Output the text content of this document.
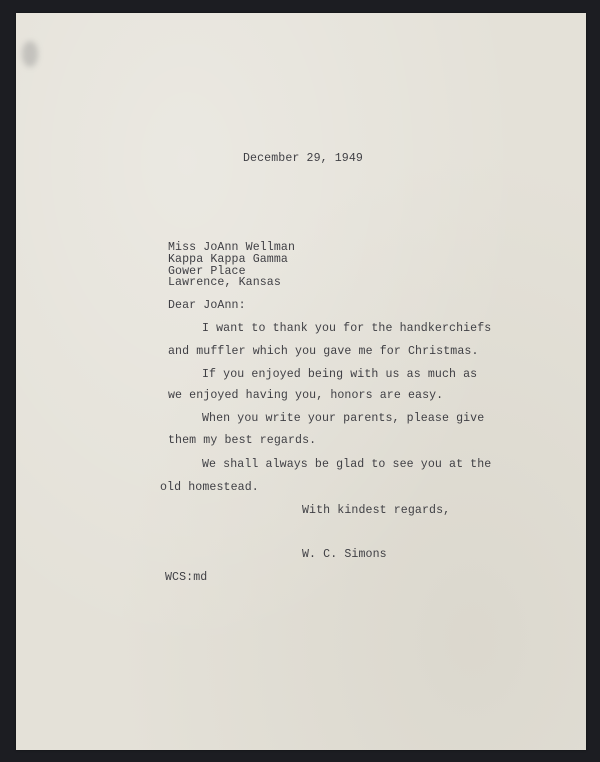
December 29, 1949
Miss JoAnn Wellman
Kappa Kappa Gamma
Gower Place
Lawrence, Kansas
Dear JoAnn:
I want to thank you for the handkerchiefs
and muffler which you gave me for Christmas.
If you enjoyed being with us as much as
we enjoyed having you, honors are easy.
When you write your parents, please give
them my best regards.
We shall always be glad to see you at the
old homestead.
With kindest regards,
W. C. Simons
WCS:md
